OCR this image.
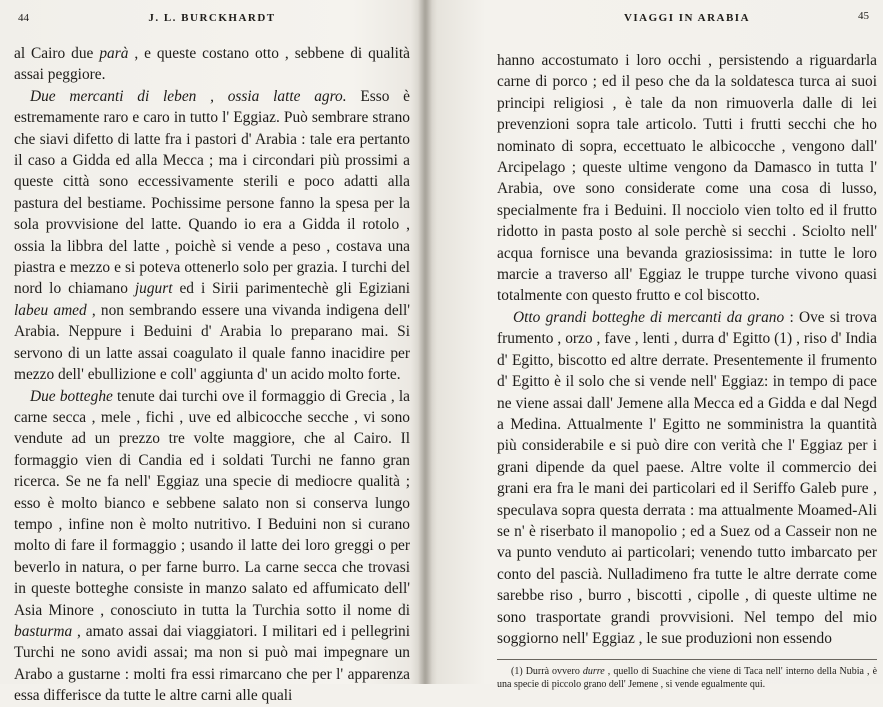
44	J. L. BURCKHARDT

al Cairo due parà , e queste costano otto , sebbene di qualità assai peggiore.

Due mercanti di leben , ossia latte agro. Esso è estremamente raro e caro in tutto l' Eggiaz. Può sembrare strano che siavi difetto di latte fra i pastori d' Arabia : tale era pertanto il caso a Gidda ed alla Mecca ; ma i circondari più prossimi a queste città sono eccessivamente sterili e poco adatti alla pastura del bestiame. Pochissime persone fanno la spesa per la sola provvisione del latte. Quando io era a Gidda il rotolo , ossia la libbra del latte , poichè si vende a peso , costava una piastra e mezzo e si poteva ottenerlo solo per grazia. I turchi del nord lo chiamano jugurt ed i Sirii parimentechè gli Egiziani labeu amed , non sembrando essere una vivanda indigena dell' Arabia. Neppure i Beduini d' Arabia lo preparano mai. Si servono di un latte assai coagulato il quale fanno inacidire per mezzo dell' ebullizione e coll' aggiunta d' un acido molto forte.

Due botteghe tenute dai turchi ove il formaggio di Grecia , la carne secca , mele , fichi , uve ed albicocche secche , vi sono vendute ad un prezzo tre volte maggiore, che al Cairo. Il formaggio vien di Candia ed i soldati Turchi ne fanno gran ricerca. Se ne fa nell' Eggiaz una specie di mediocre qualità ; esso è molto bianco e sebbene salato non si conserva lungo tempo , infine non è molto nutritivo. I Beduini non si curano molto di fare il formaggio ; usando il latte dei loro greggi o per beverlo in natura, o per farne burro. La carne secca che trovasi in queste botteghe consiste in manzo salato ed affumicato dell' Asia Minore , conosciuto in tutta la Turchia sotto il nome di basturma , amato assai dai viaggiatori. I militari ed i pellegrini Turchi ne sono avidi assai; ma non si può mai impegnare un Arabo a gustarne : molti fra essi rimarcano che per l' apparenza essa differisce da tutte le altre carni alle quali

VIAGGI IN ARABIA	45

hanno accostumato i loro occhi , persistendo a riguardarla carne di porco ; ed il peso che da la soldatesca turca ai suoi principi religiosi , è tale da non rimuoverla dalle di lei prevenzioni sopra tale articolo. Tutti i frutti secchi che ho nominato di sopra, eccettuato le albicocche , vengono dall' Arcipelago ; queste ultime vengono da Damasco in tutta l' Arabia, ove sono considerate come una cosa di lusso, specialmente fra i Beduini. Il nocciolo vien tolto ed il frutto ridotto in pasta posto al sole perchè si secchi . Sciolto nell' acqua fornisce una bevanda graziosissima: in tutte le loro marcie a traverso all' Eggiaz le truppe turche vivono quasi totalmente con questo frutto e col biscotto.

Otto grandi botteghe di mercanti da grano : Ove si trova frumento , orzo , fave , lenti , durra d' Egitto (1) , riso d' India d' Egitto, biscotto ed altre derrate. Presentemente il frumento d' Egitto è il solo che si vende nell' Eggiaz: in tempo di pace ne viene assai dall' Jemene alla Mecca ed a Gidda e dal Negd a Medina. Attualmente l' Egitto ne somministra la quantità più considerabile e si può dire con verità che l' Eggiaz per i grani dipende da quel paese. Altre volte il commercio dei grani era fra le mani dei particolari ed il Seriffo Galeb pure , speculava sopra questa derrata : ma attualmente Moamed-Ali se n' è riserbato il manopolio ; ed a Suez od a Casseir non ne va punto venduto ai particolari; venendo tutto imbarcato per conto del pascià. Nulladimeno fra tutte le altre derrate come sarebbe riso , burro , biscotti , cipolle , di queste ultime ne sono trasportate grandi provvisioni. Nel tempo del mio soggiorno nell' Eggiaz , le sue produzioni non essendo

(1) Durrà ovvero durre , quello di Suachine che viene di Taca nell' interno della Nubia , è una specie di piccolo grano dell' Jemene , si vende egualmente qui.
